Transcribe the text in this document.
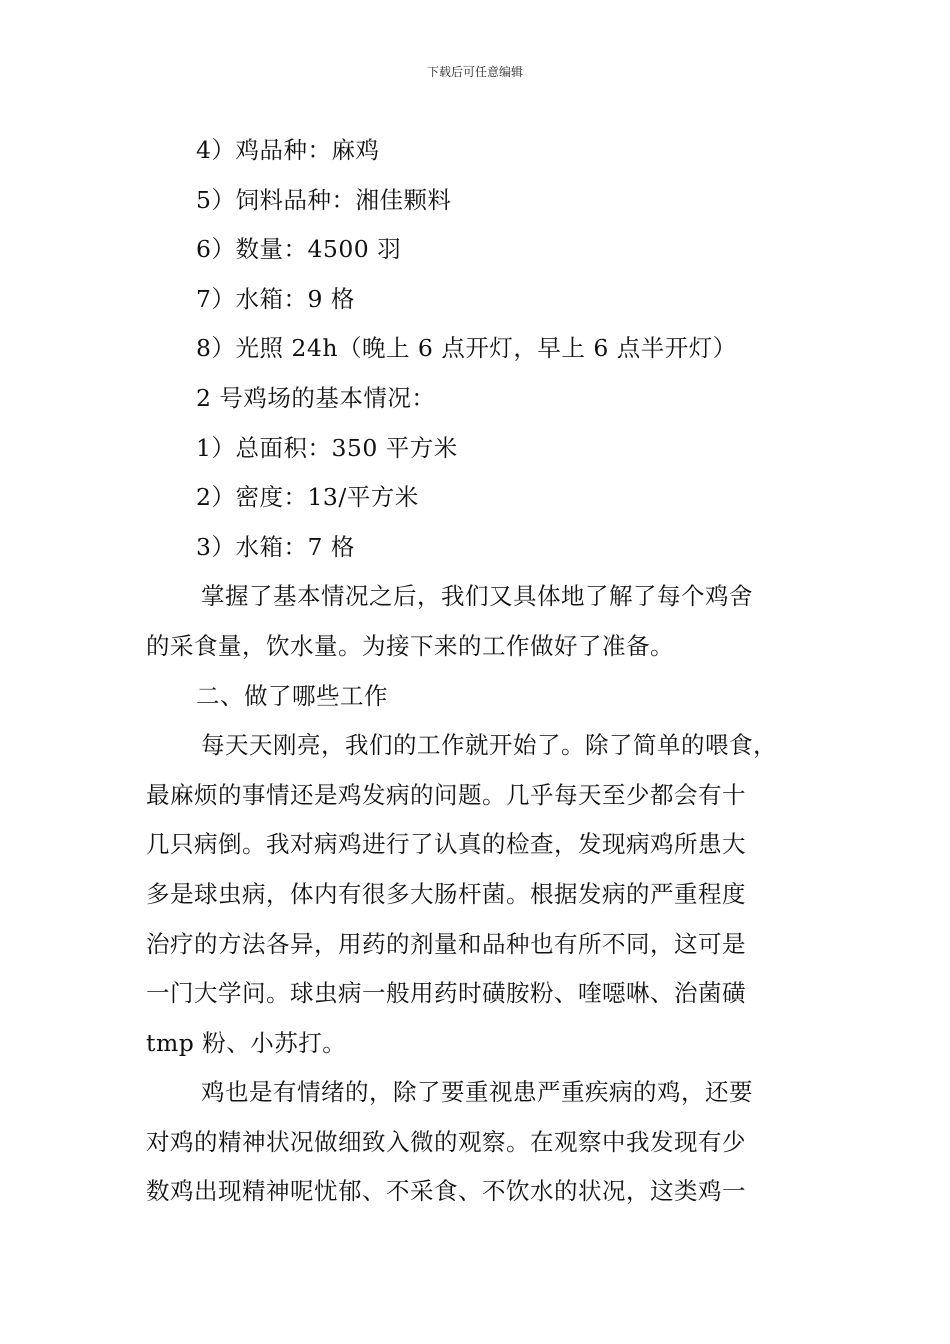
下载后可任意编辑
4）鸡品种：麻鸡
5）饲料品种：湘佳颗料
6）数量：4500 羽
7）水箱：9 格
8）光照 24h（晚上 6 点开灯，早上 6 点半开灯）
2 号鸡场的基本情况：
1）总面积：350 平方米
2）密度：13/平方米
3）水箱：7 格
掌握了基本情况之后，我们又具体地了解了每个鸡舍
的采食量，饮水量。为接下来的工作做好了准备。
二、做了哪些工作
每天天刚亮，我们的工作就开始了。除了简单的喂食，
最麻烦的事情还是鸡发病的问题。几乎每天至少都会有十
几只病倒。我对病鸡进行了认真的检查，发现病鸡所患大
多是球虫病，体内有很多大肠杆菌。根据发病的严重程度
治疗的方法各异，用药的剂量和品种也有所不同，这可是
一门大学问。球虫病一般用药时磺胺粉、喹噁啉、治菌磺
tmp 粉、小苏打。
鸡也是有情绪的，除了要重视患严重疾病的鸡，还要
对鸡的精神状况做细致入微的观察。在观察中我发现有少
数鸡出现精神呢忧郁、不采食、不饮水的状况，这类鸡一
